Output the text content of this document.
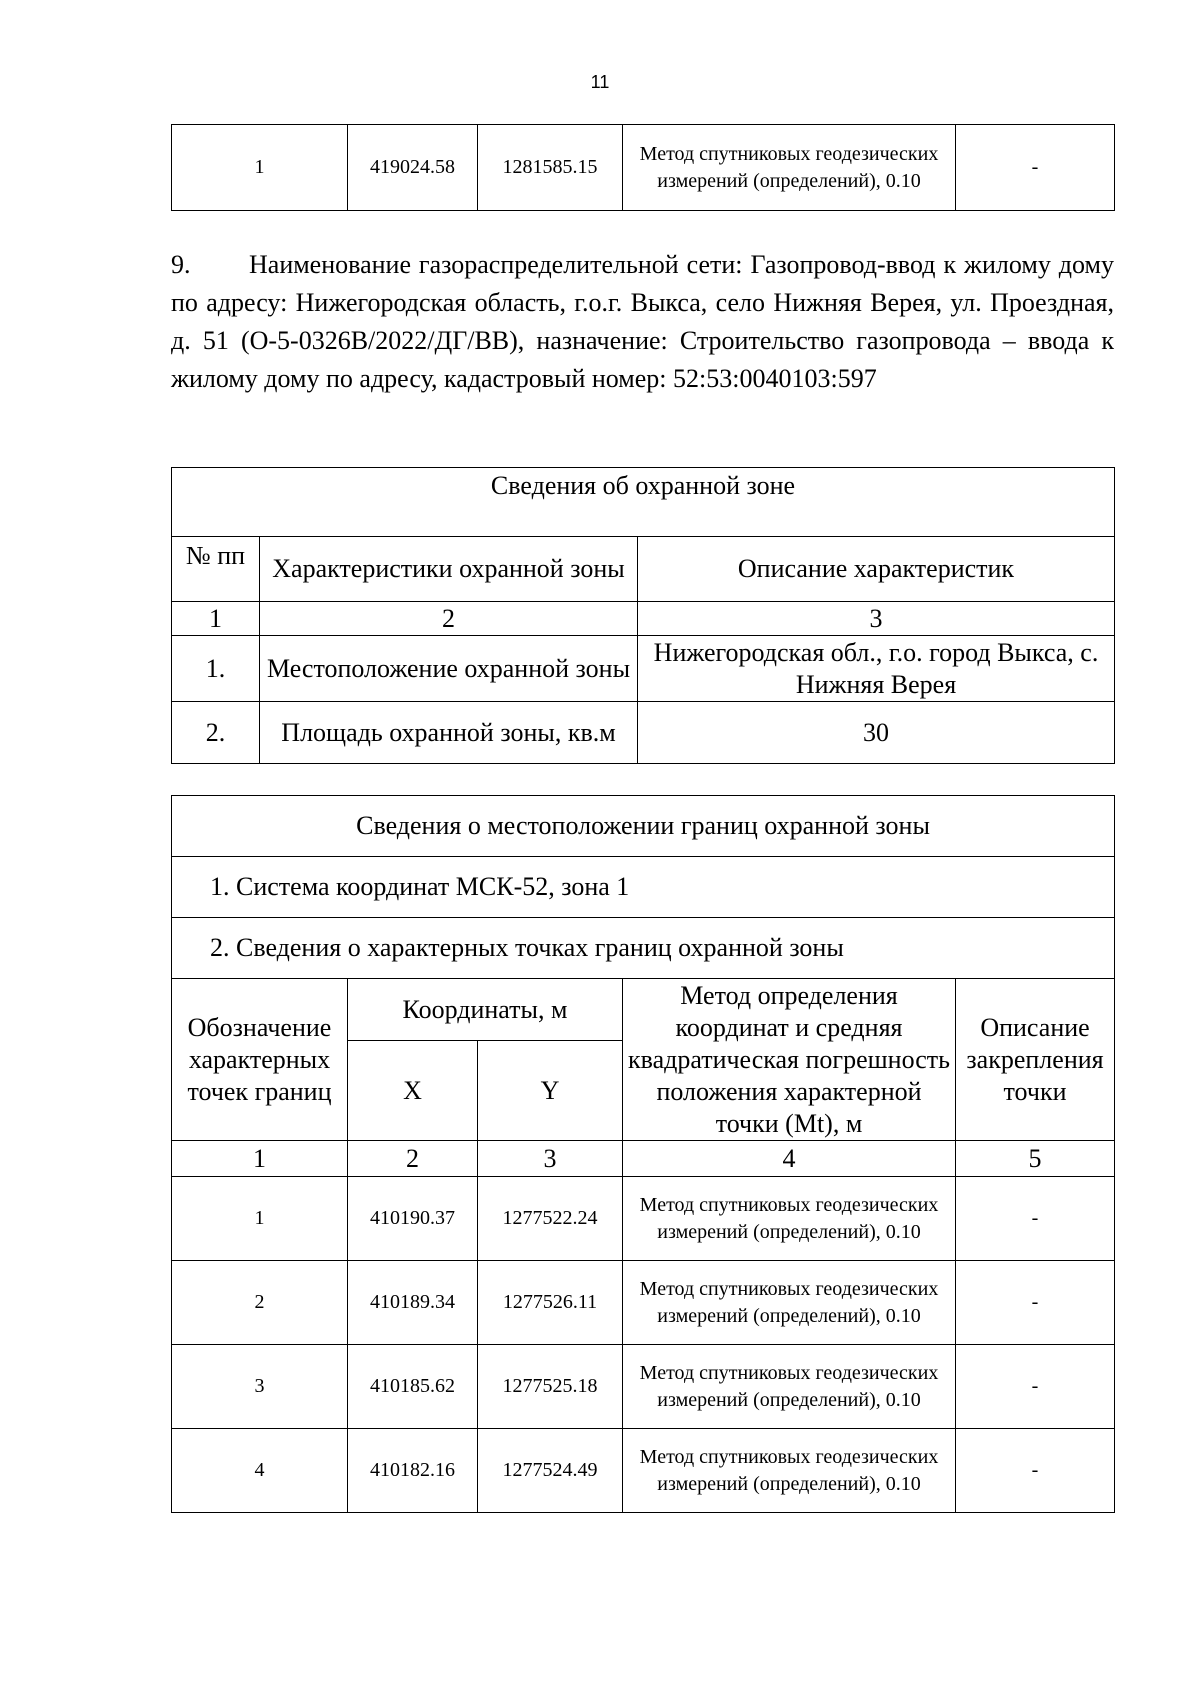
11
1	419024.58	1281585.15	Метод спутниковых геодезических измерений (определений), 0.10	-

9. Наименование газораспределительной сети: Газопровод-ввод к жилому дому по адресу: Нижегородская область, г.о.г. Выкса, село Нижняя Верея, ул. Проездная, д. 51 (О-5-0326В/2022/ДГ/ВВ), назначение: Строительство газопровода – ввода к жилому дому по адресу, кадастровый номер: 52:53:0040103:597

Сведения об охранной зоне		
№ пп	Характеристики охранной зоны	Описание характеристик
1	2	3
1.	Местоположение охранной зоны	Нижегородская обл., г.о. город Выкса, с. Нижняя Верея
2.	Площадь охранной зоны, кв.м	30
Сведения о местоположении границ охранной зоны				
1. Система координат МСК-52, зона 1				
2. Сведения о характерных точках границ охранной зоны				
Обозначение характерных точек границ	Координаты, м		Метод определения координат и средняя квадратическая погрешность положения характерной точки (Mt), м	Описание закрепления точки
	X	Y		
1	2	3	4	5
1	410190.37	1277522.24	Метод спутниковых геодезических измерений (определений), 0.10	-
2	410189.34	1277526.11	Метод спутниковых геодезических измерений (определений), 0.10	-
3	410185.62	1277525.18	Метод спутниковых геодезических измерений (определений), 0.10	-
4	410182.16	1277524.49	Метод спутниковых геодезических измерений (определений), 0.10	-
